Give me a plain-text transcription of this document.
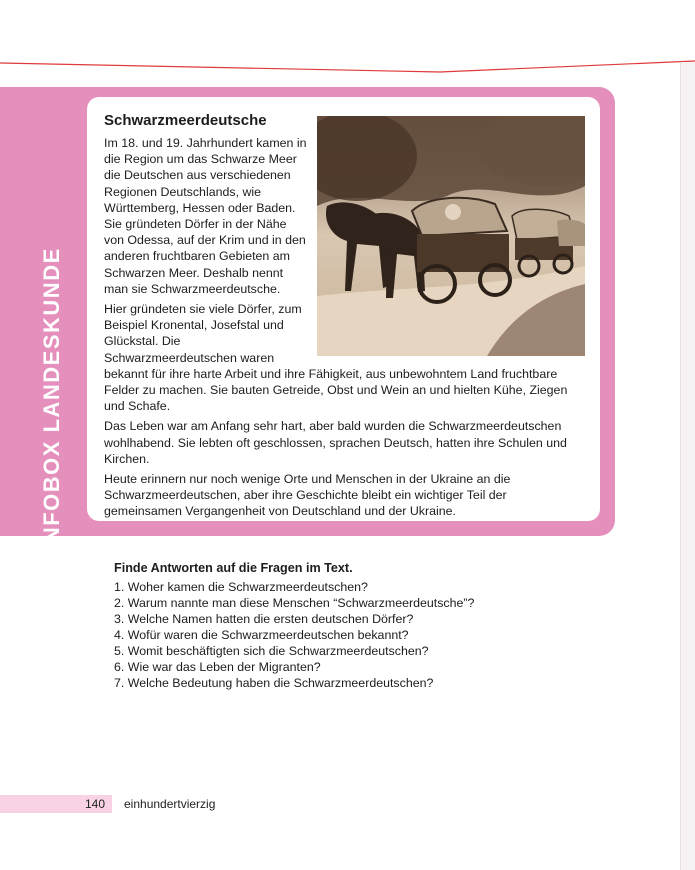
INFOBOX LANDESKUNDE
Schwarzmeerdeutsche

Im 18. und 19. Jahrhundert kamen in die Region um das Schwarze Meer die Deutschen aus verschiedenen Regionen Deutschlands, wie Württemberg, Hessen oder Baden. Sie gründeten Dörfer in der Nähe von Odessa, auf der Krim und in den anderen fruchtbaren Gebieten am Schwarzen Meer. Deshalb nennt man sie Schwarzmeerdeutsche.

Hier gründeten sie viele Dörfer, zum Beispiel Kronental, Josefstal und Glückstal. Die Schwarzmeerdeutschen waren bekannt für ihre harte Arbeit und ihre Fähigkeit, aus unbewohntem Land fruchtbare Felder zu machen. Sie bauten Getreide, Obst und Wein an und hielten Kühe, Ziegen und Schafe.

Das Leben war am Anfang sehr hart, aber bald wurden die Schwarzmeerdeutschen wohlhabend. Sie lebten oft geschlossen, sprachen Deutsch, hatten ihre Schulen und Kirchen.

Heute erinnern nur noch wenige Orte und Menschen in der Ukraine an die Schwarzmeerdeutschen, aber ihre Geschichte bleibt ein wichtiger Teil der gemeinsamen Vergangenheit von Deutschland und der Ukraine.

Finde Antworten auf die Fragen im Text.
1. Woher kamen die Schwarzmeerdeutschen?
2. Warum nannte man diese Menschen “Schwarzmeerdeutsche”?
3. Welche Namen hatten die ersten deutschen Dörfer?
4. Wofür waren die Schwarzmeerdeutschen bekannt?
5. Womit beschäftigten sich die Schwarzmeerdeutschen?
6. Wie war das Leben der Migranten?
7. Welche Bedeutung haben die Schwarzmeerdeutschen?
140 einhundertvierzig
